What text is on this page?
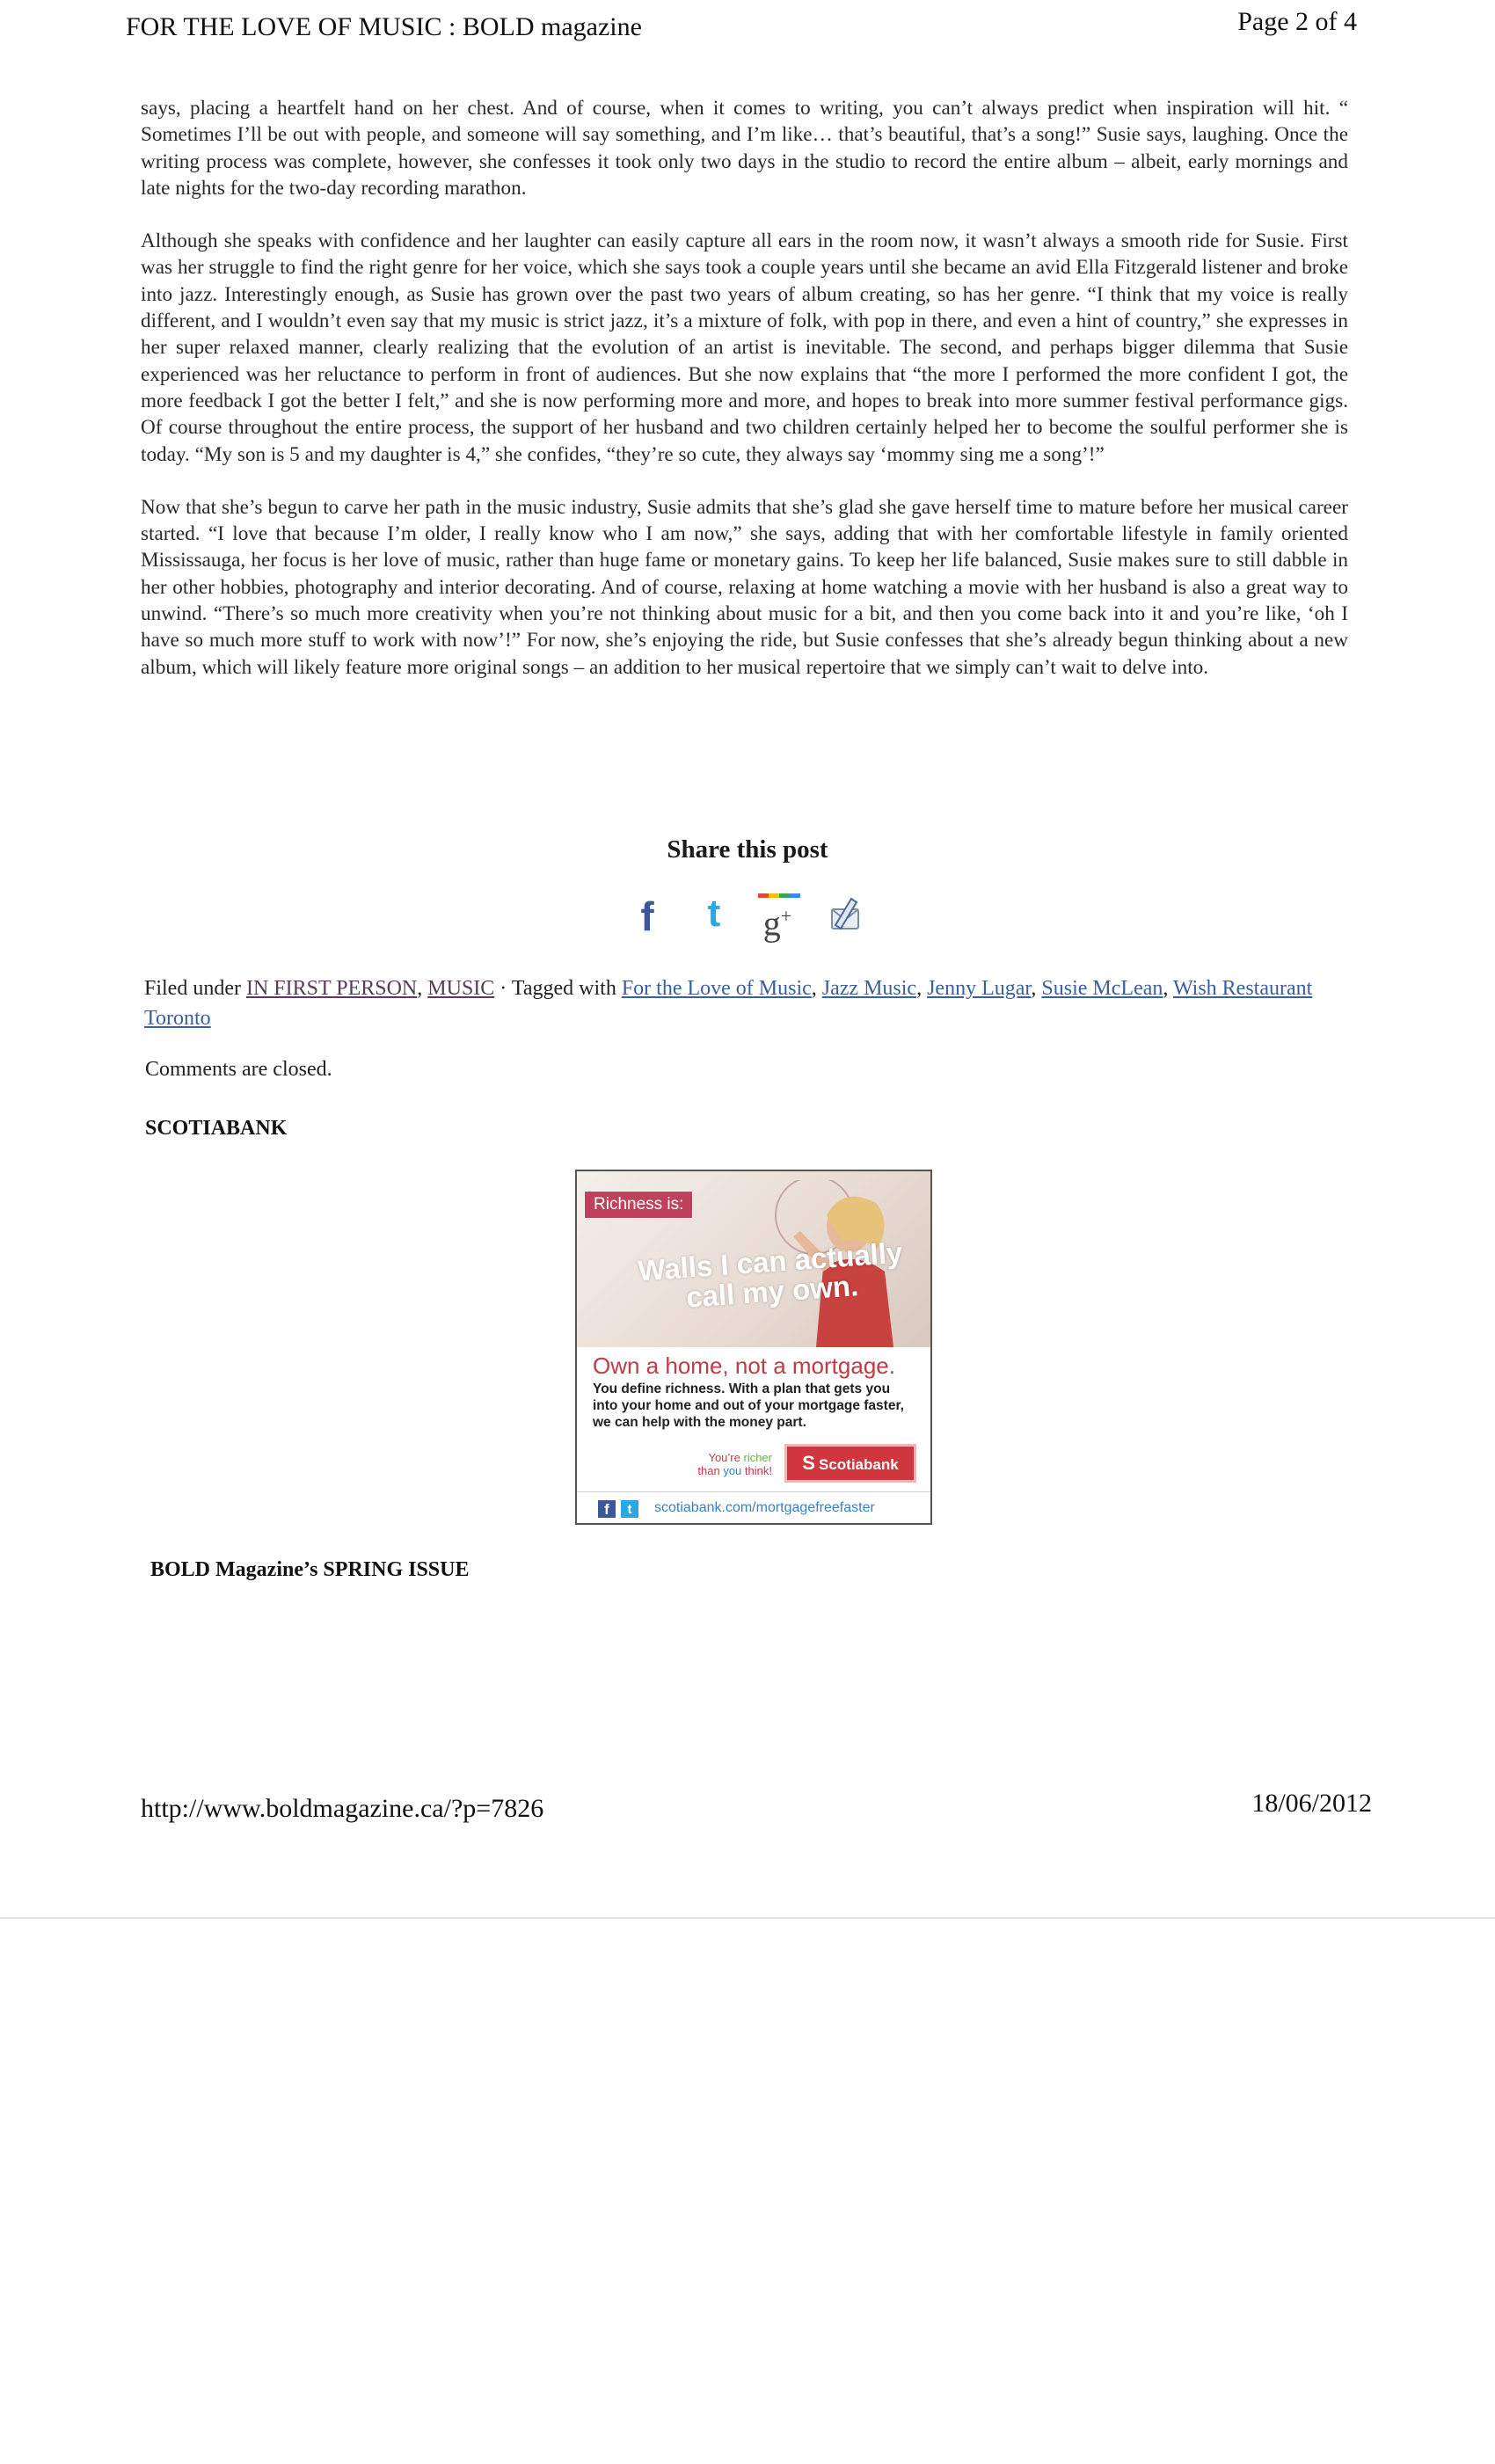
FOR THE LOVE OF MUSIC : BOLD magazine	Page 2 of 4

says, placing a heartfelt hand on her chest. And of course, when it comes to writing, you can’t always predict when inspiration will hit. “ Sometimes I’ll be out with people, and someone will say something, and I’m like… that’s beautiful, that’s a song!” Susie says, laughing. Once the writing process was complete, however, she confesses it took only two days in the studio to record the entire album – albeit, early mornings and late nights for the two-day recording marathon.

Although she speaks with confidence and her laughter can easily capture all ears in the room now, it wasn’t always a smooth ride for Susie. First was her struggle to find the right genre for her voice, which she says took a couple years until she became an avid Ella Fitzgerald listener and broke into jazz. Interestingly enough, as Susie has grown over the past two years of album creating, so has her genre. “I think that my voice is really different, and I wouldn’t even say that my music is strict jazz, it’s a mixture of folk, with pop in there, and even a hint of country,” she expresses in her super relaxed manner, clearly realizing that the evolution of an artist is inevitable. The second, and perhaps bigger dilemma that Susie experienced was her reluctance to perform in front of audiences. But she now explains that “the more I performed the more confident I got, the more feedback I got the better I felt,” and she is now performing more and more, and hopes to break into more summer festival performance gigs. Of course throughout the entire process, the support of her husband and two children certainly helped her to become the soulful performer she is today. “My son is 5 and my daughter is 4,” she confides, “they’re so cute, they always say ‘mommy sing me a song’!”

Now that she’s begun to carve her path in the music industry, Susie admits that she’s glad she gave herself time to mature before her musical career started. “I love that because I’m older, I really know who I am now,” she says, adding that with her comfortable lifestyle in family oriented Mississauga, her focus is her love of music, rather than huge fame or monetary gains. To keep her life balanced, Susie makes sure to still dabble in her other hobbies, photography and interior decorating. And of course, relaxing at home watching a movie with her husband is also a great way to unwind. “There’s so much more creativity when you’re not thinking about music for a bit, and then you come back into it and you’re like, ‘oh I have so much more stuff to work with now’!” For now, she’s enjoying the ride, but Susie confesses that she’s already begun thinking about a new album, which will likely feature more original songs – an addition to her musical repertoire that we simply can’t wait to delve into.

Share this post
f	t	g+
Filed under IN FIRST PERSON, MUSIC · Tagged with For the Love of Music, Jazz Music, Jenny Lugar, Susie McLean, Wish Restaurant Toronto
Comments are closed.
SCOTIABANK
Richness is:
Walls I can actually call my own.
Own a home, not a mortgage.
You define richness. With a plan that gets you into your home and out of your mortgage faster, we can help with the money part.
You’re richer
than you think!	S Scotiabank
f	t	scotiabank.com/mortgagefreefaster
BOLD Magazine’s SPRING ISSUE
http://www.boldmagazine.ca/?p=7826	18/06/2012
